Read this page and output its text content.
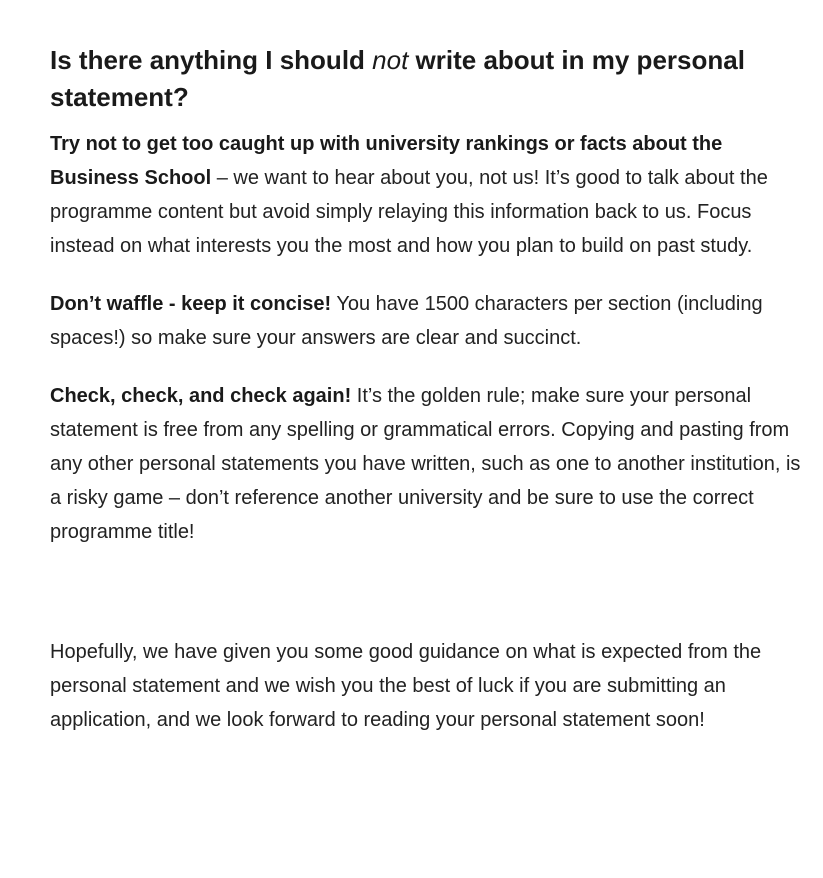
Is there anything I should not write about in my personal statement?

Try not to get too caught up with university rankings or facts about the Business School – we want to hear about you, not us! It’s good to talk about the programme content but avoid simply relaying this information back to us. Focus instead on what interests you the most and how you plan to build on past study.

Don’t waffle - keep it concise! You have 1500 characters per section (including spaces!) so make sure your answers are clear and succinct.

Check, check, and check again! It’s the golden rule; make sure your personal statement is free from any spelling or grammatical errors. Copying and pasting from any other personal statements you have written, such as one to another institution, is a risky game – don’t reference another university and be sure to use the correct programme title!

Hopefully, we have given you some good guidance on what is expected from the personal statement and we wish you the best of luck if you are submitting an application, and we look forward to reading your personal statement soon!
